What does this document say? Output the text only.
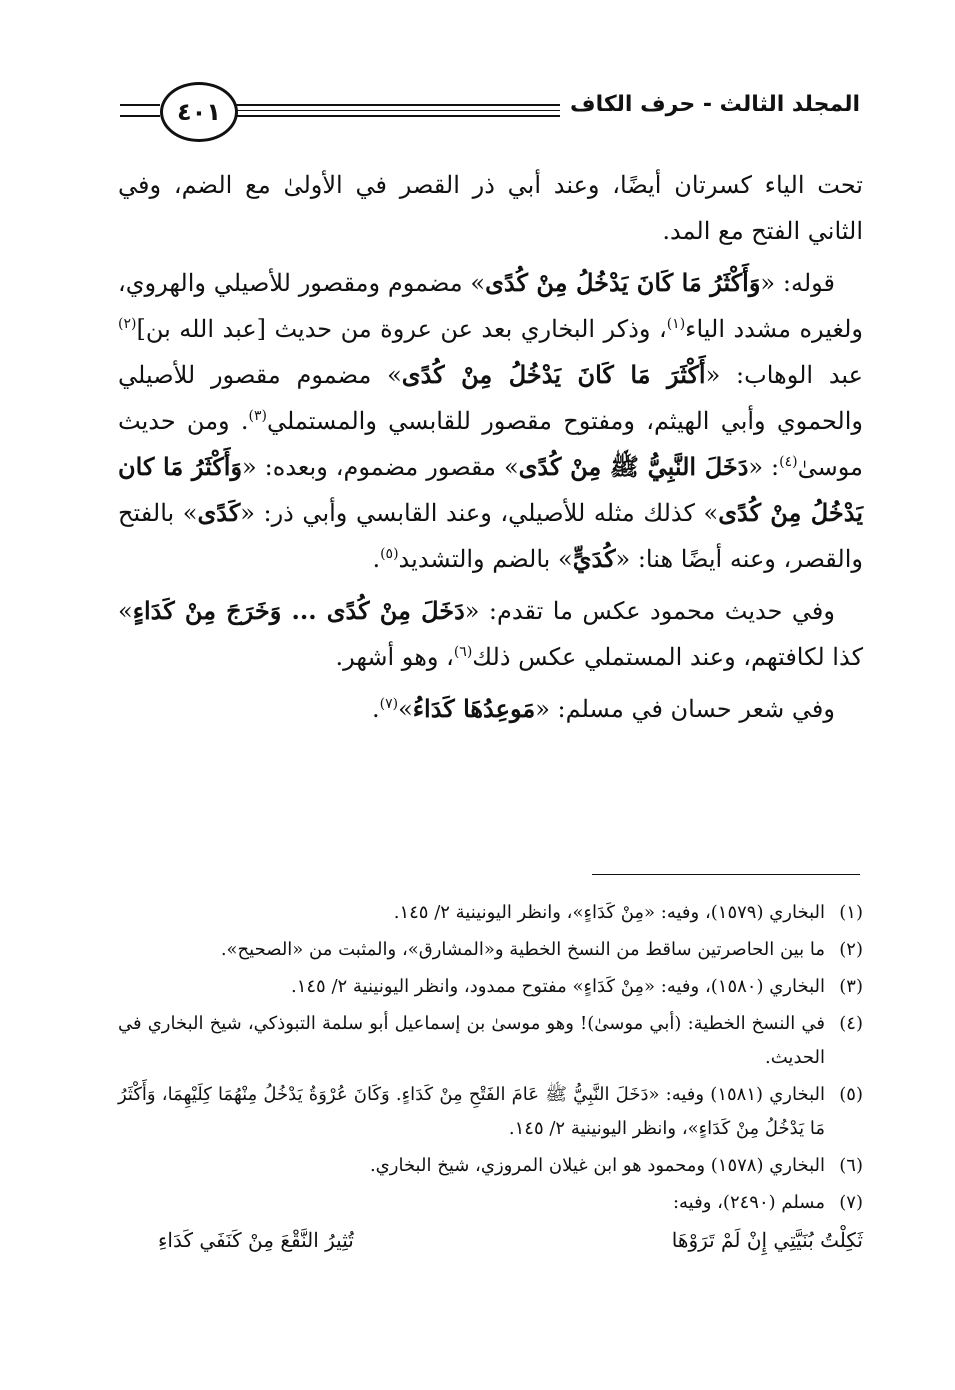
المجلد الثالث - حرف الكاف
٤٠١

تحت الياء كسرتان أيضًا، وعند أبي ذر القصر في الأولىٰ مع الضم، وفي الثاني الفتح مع المد.

قوله: «وَأَكْثَرُ مَا كَانَ يَدْخُلُ مِنْ كُدًى» مضموم ومقصور للأصيلي والهروي، ولغيره مشدد الياء$^{(١)}$، وذكر البخاري بعد عن عروة من حديث [عبد الله بن]$^{(٢)}$ عبد الوهاب: «أَكْثَرَ مَا كَانَ يَدْخُلُ مِنْ كُدًى» مضموم مقصور للأصيلي والحموي وأبي الهيثم، ومفتوح مقصور للقابسي والمستملي$^{(٣)}$. ومن حديث موسىٰ$^{(٤)}$: «دَخَلَ النَّبِيُّ ﷺ مِنْ كُدًى» مقصور مضموم، وبعده: «وَأَكْثَرُ مَا كان يَدْخُلُ مِنْ كُدًى» كذلك مثله للأصيلي، وعند القابسي وأبي ذر: «كَدًى» بالفتح والقصر، وعنه أيضًا هنا: «كُدَيٍّ» بالضم والتشديد$^{(٥)}$.

وفي حديث محمود عكس ما تقدم: «دَخَلَ مِنْ كُدًى ... وَخَرَجَ مِنْ كَدَاءٍ» كذا لكافتهم، وعند المستملي عكس ذلك$^{(٦)}$، وهو أشهر.

وفي شعر حسان في مسلم: «مَوعِدُهَا كَدَاءُ»$^{(٧)}$.

(١)
البخاري (١٥٧٩)، وفيه: «مِنْ كَدَاءٍ»، وانظر اليونينية ٢/ ١٤٥.
(٢)
ما بين الحاصرتين ساقط من النسخ الخطية و«المشارق»، والمثبت من «الصحيح».
(٣)
البخاري (١٥٨٠)، وفيه: «مِنْ كَدَاءٍ» مفتوح ممدود، وانظر اليونينية ٢/ ١٤٥.
(٤)
في النسخ الخطية: (أبي موسىٰ)! وهو موسىٰ بن إسماعيل أبو سلمة التبوذكي، شيخ البخاري في الحديث.
(٥)
البخاري (١٥٨١) وفيه: «دَخَلَ النَّبِيُّ ﷺ عَامَ الفَتْحِ مِنْ كَدَاءٍ. وَكَانَ عُرْوَةُ يَدْخُلُ مِنْهُمَا كِلَيْهِمَا، وَأَكْثَرُ مَا يَدْخُلُ مِنْ كَدَاءٍ»، وانظر اليونينية ٢/ ١٤٥.
(٦)
البخاري (١٥٧٨) ومحمود هو ابن غيلان المروزي، شيخ البخاري.
(٧)
مسلم (٢٤٩٠)، وفيه:
ثَكِلْتُ بُنَيَّتِي إِنْ لَمْ تَرَوْهَا
تُثِيرُ النَّقْعَ مِنْ كَنَفَي كَدَاءِ
